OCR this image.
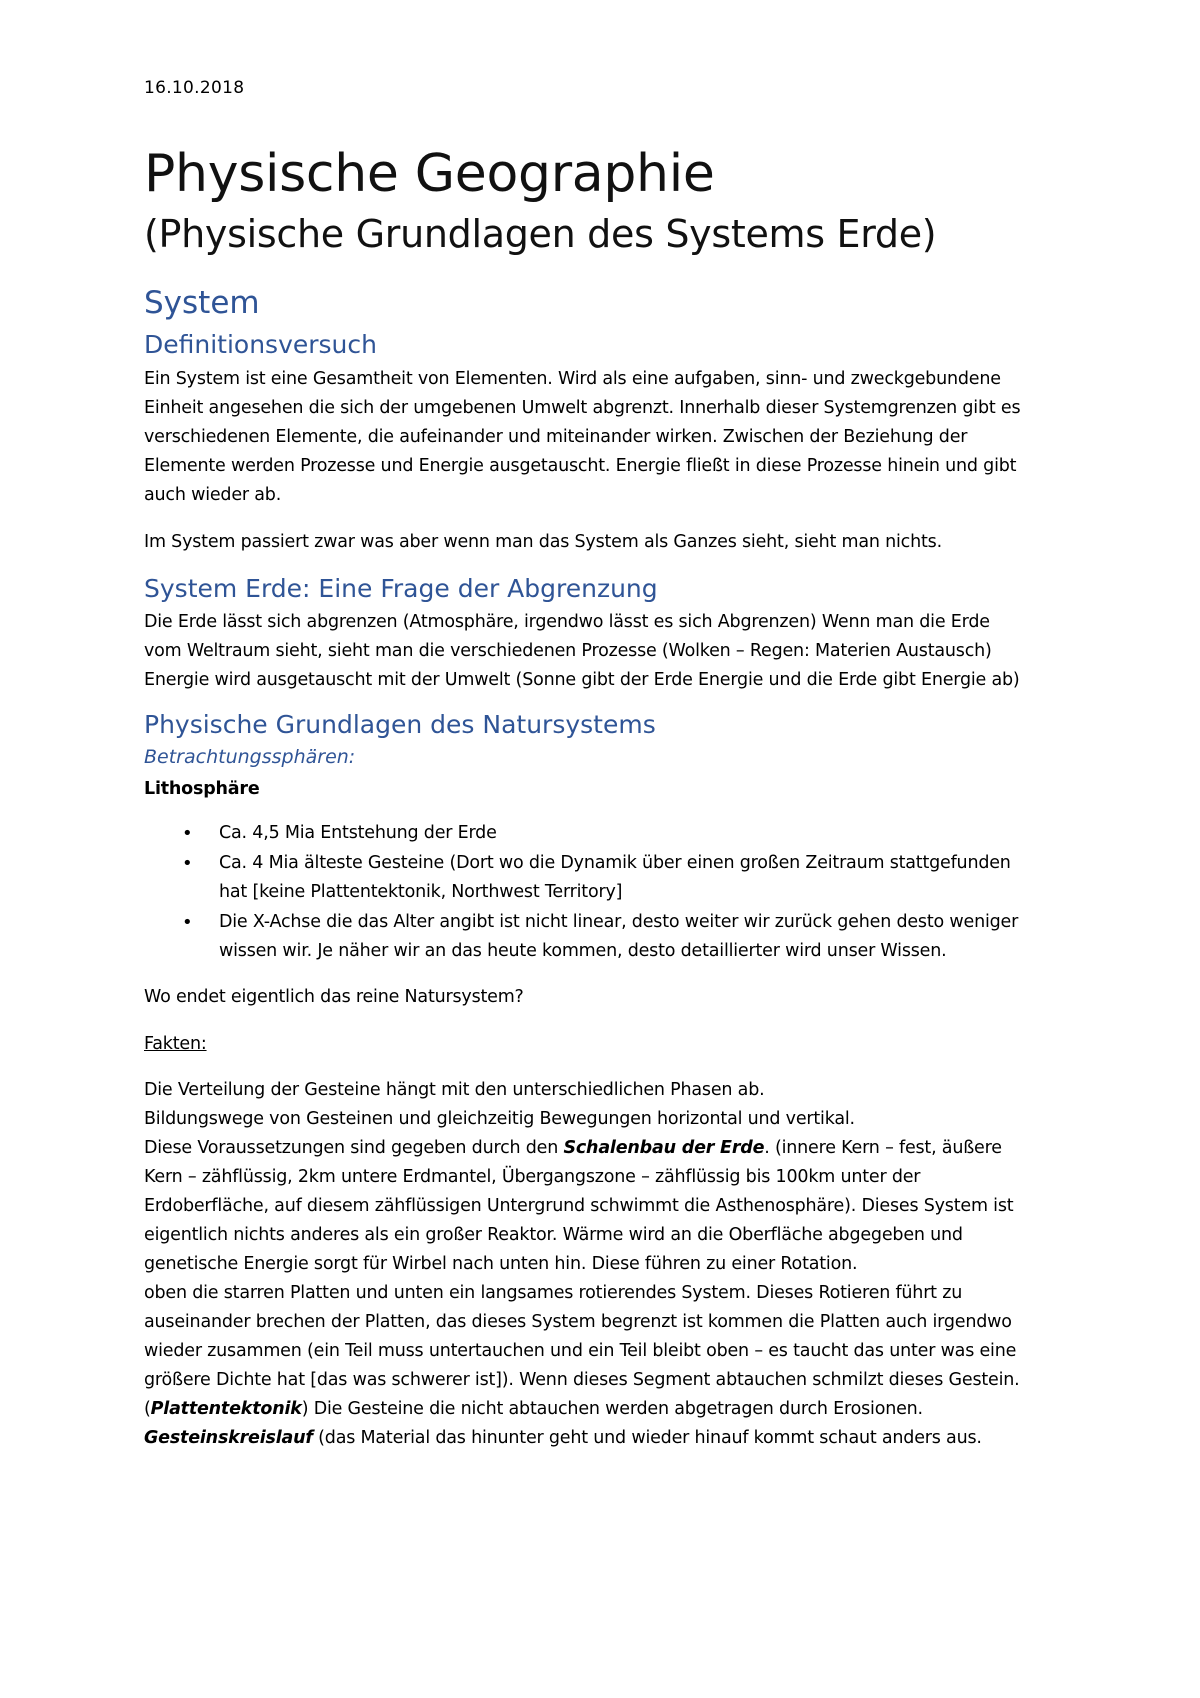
16.10.2018
Physische Geographie
(Physische Grundlagen des Systems Erde)
System
Definitionsversuch

Ein System ist eine Gesamtheit von Elementen. Wird als eine aufgaben, sinn- und zweckgebundene
Einheit angesehen die sich der umgebenen Umwelt abgrenzt. Innerhalb dieser Systemgrenzen gibt es
verschiedenen Elemente, die aufeinander und miteinander wirken. Zwischen der Beziehung der
Elemente werden Prozesse und Energie ausgetauscht. Energie fließt in diese Prozesse hinein und gibt
auch wieder ab.

Im System passiert zwar was aber wenn man das System als Ganzes sieht, sieht man nichts.

System Erde: Eine Frage der Abgrenzung

Die Erde lässt sich abgrenzen (Atmosphäre, irgendwo lässt es sich Abgrenzen) Wenn man die Erde
vom Weltraum sieht, sieht man die verschiedenen Prozesse (Wolken – Regen: Materien Austausch)
Energie wird ausgetauscht mit der Umwelt (Sonne gibt der Erde Energie und die Erde gibt Energie ab)

Physische Grundlagen des Natursystems
Betrachtungssphären:

Lithosphäre

• Ca. 4,5 Mia Entstehung der Erde
• Ca. 4 Mia älteste Gesteine (Dort wo die Dynamik über einen großen Zeitraum stattgefunden
hat [keine Plattentektonik, Northwest Territory]
• Die X-Achse die das Alter angibt ist nicht linear, desto weiter wir zurück gehen desto weniger
wissen wir. Je näher wir an das heute kommen, desto detaillierter wird unser Wissen.

Wo endet eigentlich das reine Natursystem?

Fakten:

Die Verteilung der Gesteine hängt mit den unterschiedlichen Phasen ab.
Bildungswege von Gesteinen und gleichzeitig Bewegungen horizontal und vertikal.
Diese Voraussetzungen sind gegeben durch den Schalenbau der Erde. (innere Kern – fest, äußere
Kern – zähflüssig, 2km untere Erdmantel, Übergangszone – zähflüssig bis 100km unter der
Erdoberfläche, auf diesem zähflüssigen Untergrund schwimmt die Asthenosphäre). Dieses System ist
eigentlich nichts anderes als ein großer Reaktor. Wärme wird an die Oberfläche abgegeben und
genetische Energie sorgt für Wirbel nach unten hin. Diese führen zu einer Rotation.
oben die starren Platten und unten ein langsames rotierendes System. Dieses Rotieren führt zu
auseinander brechen der Platten, das dieses System begrenzt ist kommen die Platten auch irgendwo
wieder zusammen (ein Teil muss untertauchen und ein Teil bleibt oben – es taucht das unter was eine
größere Dichte hat [das was schwerer ist]). Wenn dieses Segment abtauchen schmilzt dieses Gestein.
(Plattentektonik) Die Gesteine die nicht abtauchen werden abgetragen durch Erosionen.
Gesteinskreislauf (das Material das hinunter geht und wieder hinauf kommt schaut anders aus.
